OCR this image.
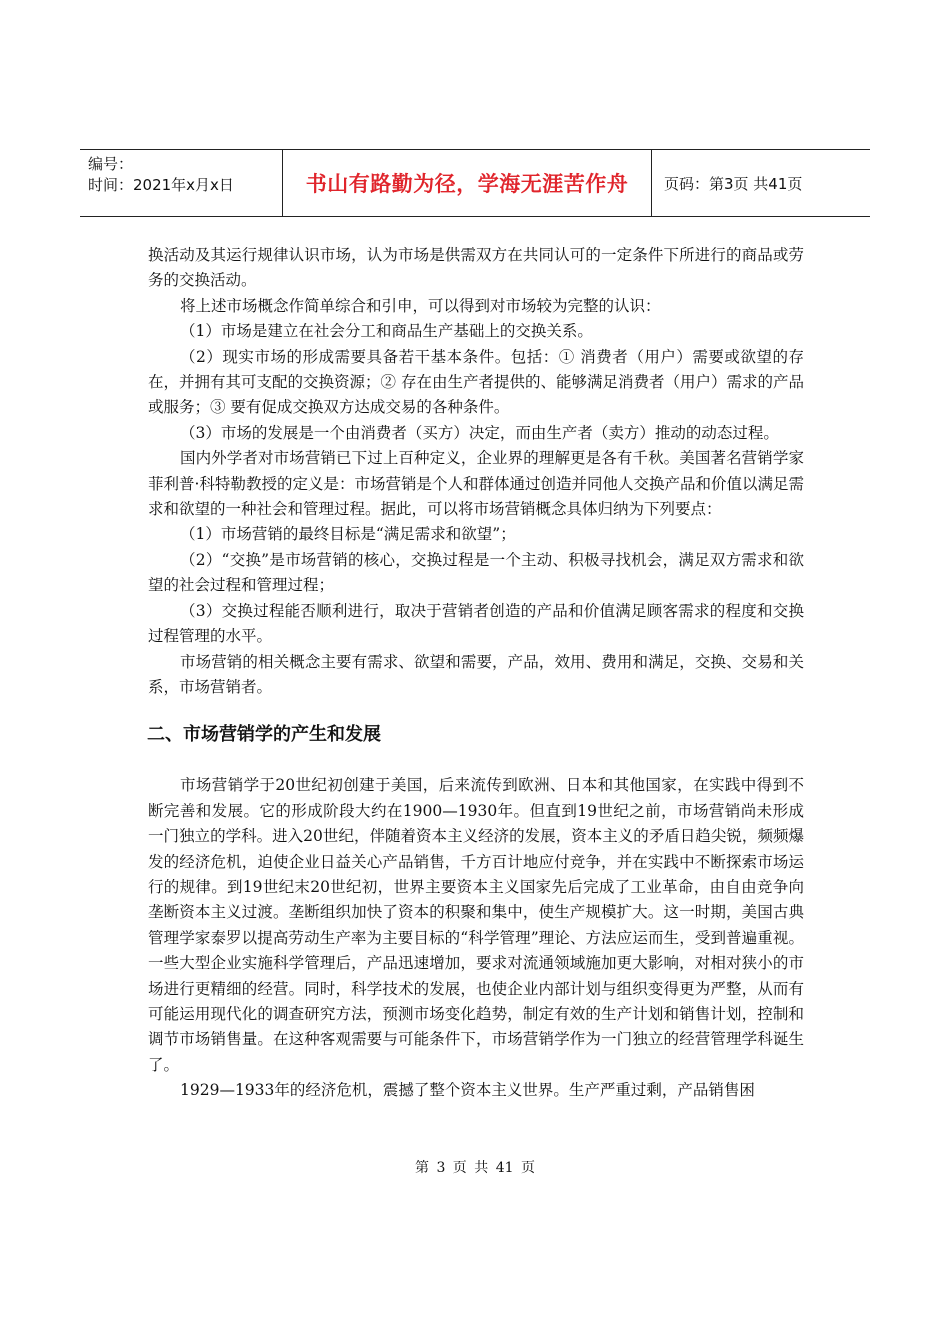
编号：
时间：2021年x月x日	书山有路勤为径，学海无涯苦作舟	页码：第3页 共41页

换活动及其运行规律认识市场，认为市场是供需双方在共同认可的一定条件下所进行的商品或劳务的交换活动。

将上述市场概念作简单综合和引申，可以得到对市场较为完整的认识：

（1）市场是建立在社会分工和商品生产基础上的交换关系。

（2）现实市场的形成需要具备若干基本条件。包括：① 消费者（用户）需要或欲望的存在，并拥有其可支配的交换资源；② 存在由生产者提供的、能够满足消费者（用户）需求的产品或服务；③ 要有促成交换双方达成交易的各种条件。

（3）市场的发展是一个由消费者（买方）决定，而由生产者（卖方）推动的动态过程。

国内外学者对市场营销已下过上百种定义，企业界的理解更是各有千秋。美国著名营销学家菲利普·科特勒教授的定义是：市场营销是个人和群体通过创造并同他人交换产品和价值以满足需求和欲望的一种社会和管理过程。据此，可以将市场营销概念具体归纳为下列要点：

（1）市场营销的最终目标是“满足需求和欲望”；

（2）“交换”是市场营销的核心，交换过程是一个主动、积极寻找机会，满足双方需求和欲望的社会过程和管理过程；

（3）交换过程能否顺利进行，取决于营销者创造的产品和价值满足顾客需求的程度和交换过程管理的水平。

市场营销的相关概念主要有需求、欲望和需要，产品，效用、费用和满足，交换、交易和关系，市场营销者。

二、市场营销学的产生和发展

市场营销学于20世纪初创建于美国，后来流传到欧洲、日本和其他国家，在实践中得到不断完善和发展。它的形成阶段大约在1900—1930年。但直到19世纪之前，市场营销尚未形成一门独立的学科。进入20世纪，伴随着资本主义经济的发展，资本主义的矛盾日趋尖锐，频频爆发的经济危机，迫使企业日益关心产品销售，千方百计地应付竞争，并在实践中不断探索市场运行的规律。到19世纪末20世纪初，世界主要资本主义国家先后完成了工业革命，由自由竞争向垄断资本主义过渡。垄断组织加快了资本的积聚和集中，使生产规模扩大。这一时期，美国古典管理学家泰罗以提高劳动生产率为主要目标的“科学管理”理论、方法应运而生，受到普遍重视。一些大型企业实施科学管理后，产品迅速增加，要求对流通领域施加更大影响，对相对狭小的市场进行更精细的经营。同时，科学技术的发展，也使企业内部计划与组织变得更为严整，从而有可能运用现代化的调查研究方法，预测市场变化趋势，制定有效的生产计划和销售计划，控制和调节市场销售量。在这种客观需要与可能条件下，市场营销学作为一门独立的经营管理学科诞生了。

1929—1933年的经济危机，震撼了整个资本主义世界。生产严重过剩，产品销售困

第 3 页 共 41 页
